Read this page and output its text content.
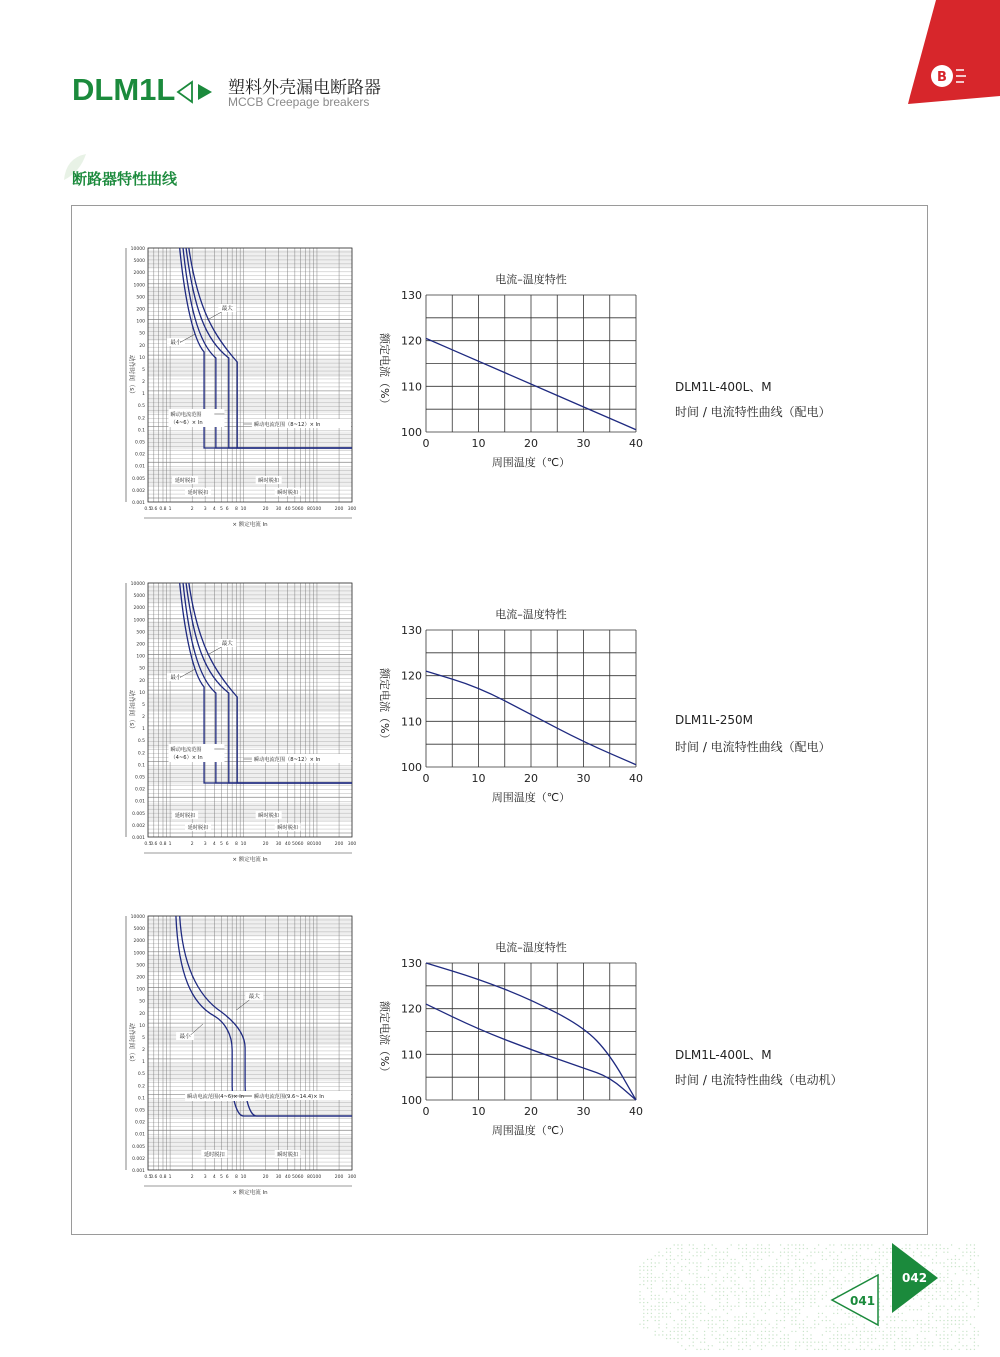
DLM1L	塑料外壳漏电断路器
MCCB Creepage breakers
B
断路器特性曲线
10000
5000
2000
1000
500
200
100
50
20
10
5
2
1
0.5
0.2
0.1
0.05
0.02
0.01
0.005
0.002
0.001
0.5
0.6 0.8 1	2 3 4 5 6 8 10	20 30 40 50 60 80 100	200 300
动作时间（s）
× 额定电流 In
最大
最小
瞬动电流范围
（4~6）× In	瞬动电流范围（8~12）× In
延时脱扣	瞬时脱扣
延时脱扣	瞬时脱扣
电流–温度特性
130
120
110
100
0	10	20	30	40
额定电流（%）
周围温度（℃）
DLM1L-400L、M
时间 / 电流特性曲线（配电）
10000
5000
2000
1000
500
200
100
50
20
10
5
2
1
0.5
0.2
0.1
0.05
0.02
0.01
0.005
0.002
0.001
0.5
0.6 0.8 1	2 3 4 5 6 8 10	20 30 40 50 60 80 100	200 300
动作时间（s）
× 额定电流 In
最大
最小
瞬动电流范围
（4~6）× In	瞬动电流范围（8~12）× In
延时脱扣	瞬时脱扣
延时脱扣	瞬时脱扣
电流–温度特性
130
120
110
100
0	10	20	30	40
额定电流（%）
周围温度（℃）
DLM1L-250M
时间 / 电流特性曲线（配电）
10000
5000
2000
1000
500
200
100
50
20
10
5
2
1
0.5
0.2
0.1
0.05
0.02
0.01
0.005
0.002
0.001
0.5
0.6 0.8 1	2 3 4 5 6 8 10	20 30 40 50 60 80 100	200 300
动作时间（s）
× 额定电流 In
最大
最小
瞬动电流范围(4~6)× In 瞬动电流范围(9.6~14.4)× In
延时脱扣	瞬时脱扣
电流–温度特性
130
120
110
100
0	10	20	30	40
额定电流（%）
周围温度（℃）
DLM1L-400L、M
时间 / 电流特性曲线（电动机）
042
041
